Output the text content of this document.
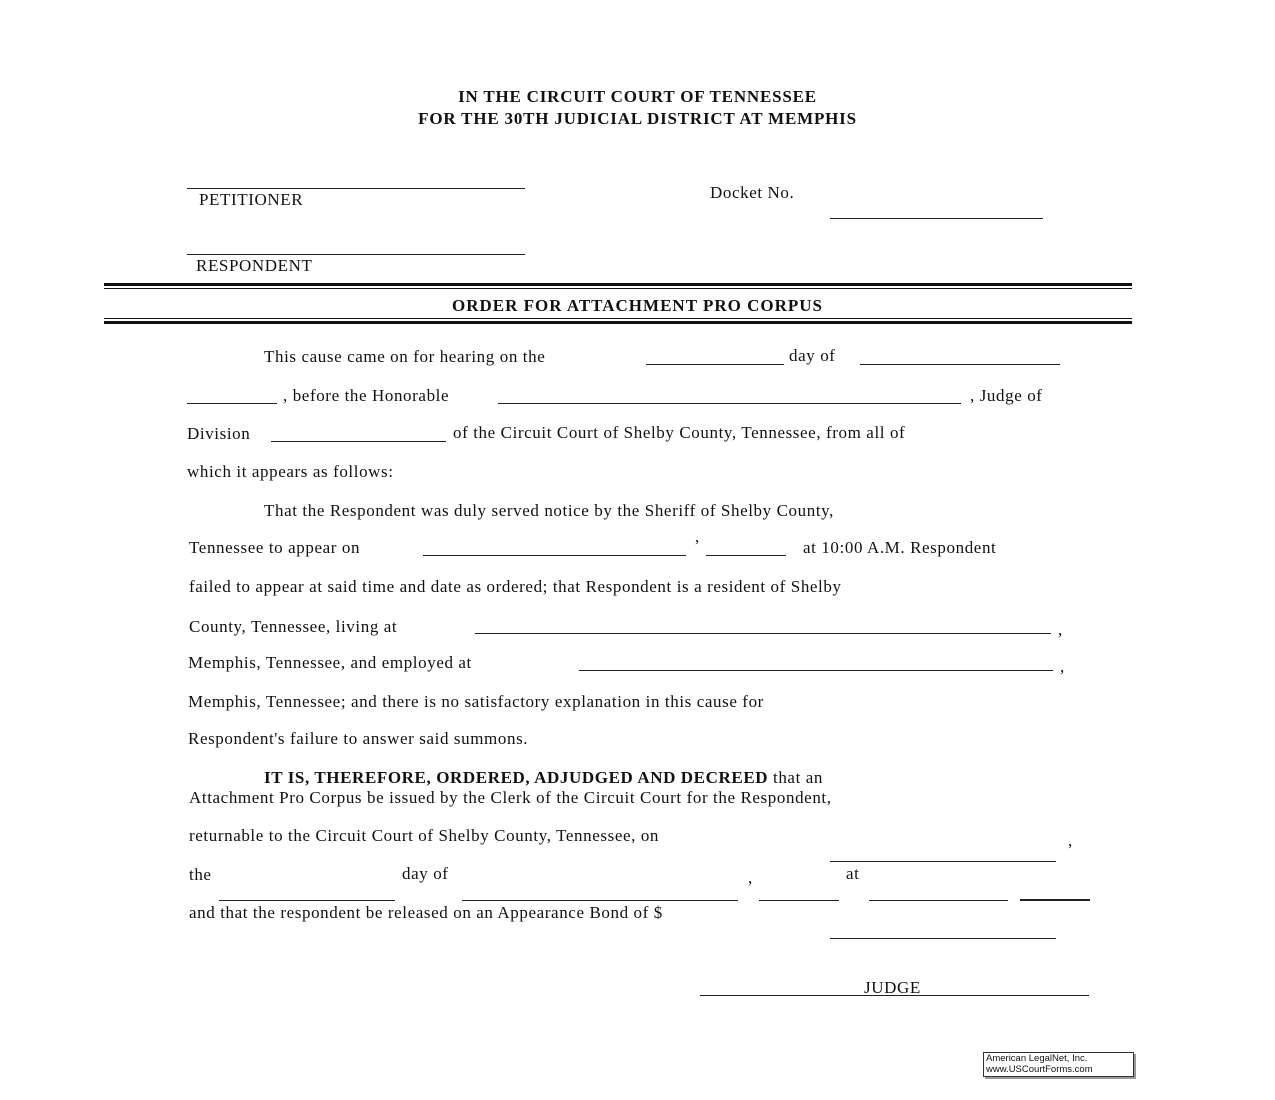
IN THE CIRCUIT COURT OF TENNESSEE
FOR THE 30TH JUDICIAL DISTRICT AT MEMPHIS
PETITIONER
RESPONDENT
Docket No.
ORDER FOR ATTACHMENT PRO CORPUS
This cause came on for hearing on the	day of
, before the Honorable	, Judge of
Division	of the Circuit Court of Shelby County, Tennessee, from all of
which it appears as follows:
That the Respondent was duly served notice by the Sheriff of Shelby County,
Tennessee to appear on
,
at 10:00 A.M. Respondent
failed to appear at said time and date as ordered; that Respondent is a resident of Shelby
County, Tennessee, living at	,
Memphis, Tennessee, and employed at	,
Memphis, Tennessee; and there is no satisfactory explanation in this cause for
Respondent's failure to answer said summons.
IT IS, THEREFORE, ORDERED, ADJUDGED AND DECREED that an
Attachment Pro Corpus be issued by the Clerk of the Circuit Court for the Respondent,
returnable to the Circuit Court of Shelby County, Tennessee, on	,
the	day of	,	at
and that the respondent be released on an Appearance Bond of $
JUDGE
American LegalNet, Inc.
www.USCourtForms.com
